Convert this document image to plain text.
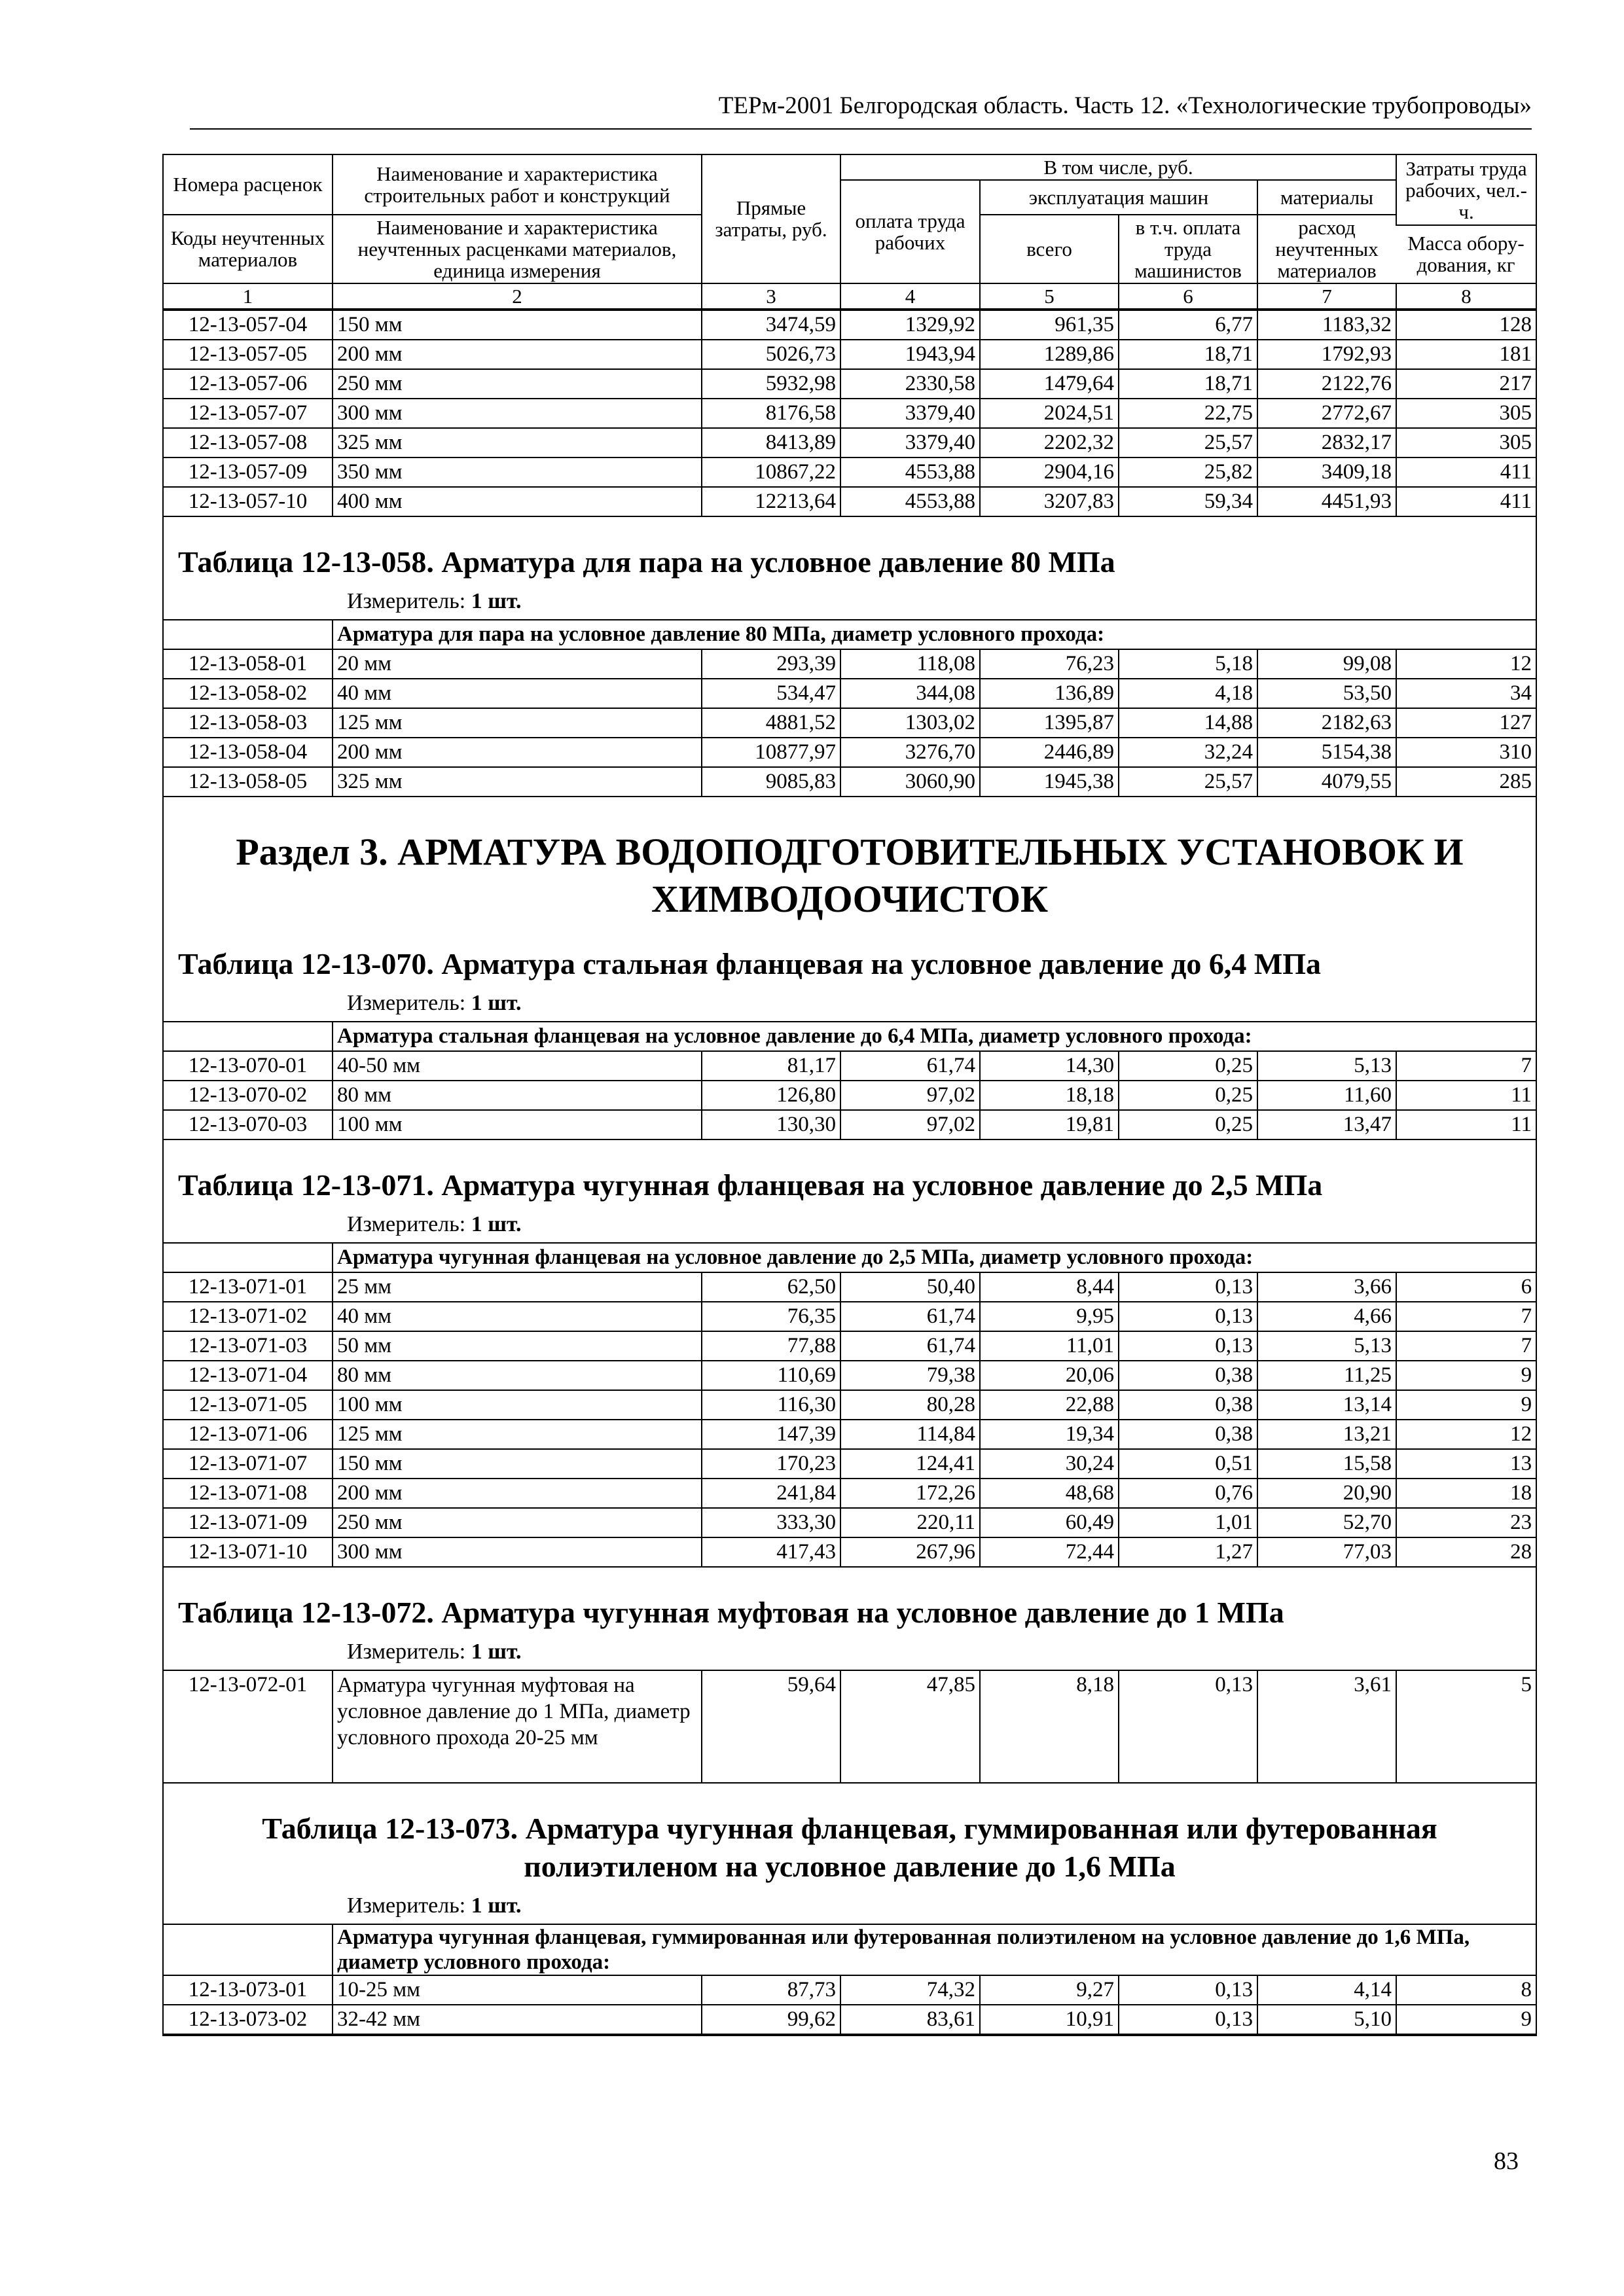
ТЕРм-2001 Белгородская область. Часть 12. «Технологические трубопроводы»
Номера расценок	Наименование и характеристика строительных работ и конструкций	Прямые затраты, руб.	В том числе, руб.				Затраты труда рабочих, чел.-ч.
			оплата труда рабочих	эксплуатация машин		материалы	
Коды неучтенных материалов	Наименование и характеристика неучтенных расценками материалов, единица измерения			всего	в т.ч. оплата труда машинистов	расход неучтенных материалов	
							Масса обору- дования, кг
1	2	3	4	5	6	7	8
12-13-057-04	150 мм	3474,59	1329,92	961,35	6,77	1183,32	128
12-13-057-05	200 мм	5026,73	1943,94	1289,86	18,71	1792,93	181
12-13-057-06	250 мм	5932,98	2330,58	1479,64	18,71	2122,76	217
12-13-057-07	300 мм	8176,58	3379,40	2024,51	22,75	2772,67	305
12-13-057-08	325 мм	8413,89	3379,40	2202,32	25,57	2832,17	305
12-13-057-09	350 мм	10867,22	4553,88	2904,16	25,82	3409,18	411
12-13-057-10	400 мм	12213,64	4553,88	3207,83	59,34	4451,93	411
Таблица 12-13-058. Арматура для пара на условное давление 80 МПа
Измеритель: 1 шт.
	Арматура для пара на условное давление 80 МПа, диаметр условного прохода:						
12-13-058-01	20 мм	293,39	118,08	76,23	5,18	99,08	12
12-13-058-02	40 мм	534,47	344,08	136,89	4,18	53,50	34
12-13-058-03	125 мм	4881,52	1303,02	1395,87	14,88	2182,63	127
12-13-058-04	200 мм	10877,97	3276,70	2446,89	32,24	5154,38	310
12-13-058-05	325 мм	9085,83	3060,90	1945,38	25,57	4079,55	285
Раздел 3. АРМАТУРА ВОДОПОДГОТОВИТЕЛЬНЫХ УСТАНОВОК И ХИМВОДООЧИСТОК
Таблица 12-13-070. Арматура стальная фланцевая на условное давление до 6,4 МПа
Измеритель: 1 шт.
	Арматура стальная фланцевая на условное давление до 6,4 МПа, диаметр условного прохода:						
12-13-070-01	40-50 мм	81,17	61,74	14,30	0,25	5,13	7
12-13-070-02	80 мм	126,80	97,02	18,18	0,25	11,60	11
12-13-070-03	100 мм	130,30	97,02	19,81	0,25	13,47	11
Таблица 12-13-071. Арматура чугунная фланцевая на условное давление до 2,5 МПа
Измеритель: 1 шт.
	Арматура чугунная фланцевая на условное давление до 2,5 МПа, диаметр условного прохода:						
12-13-071-01	25 мм	62,50	50,40	8,44	0,13	3,66	6
12-13-071-02	40 мм	76,35	61,74	9,95	0,13	4,66	7
12-13-071-03	50 мм	77,88	61,74	11,01	0,13	5,13	7
12-13-071-04	80 мм	110,69	79,38	20,06	0,38	11,25	9
12-13-071-05	100 мм	116,30	80,28	22,88	0,38	13,14	9
12-13-071-06	125 мм	147,39	114,84	19,34	0,38	13,21	12
12-13-071-07	150 мм	170,23	124,41	30,24	0,51	15,58	13
12-13-071-08	200 мм	241,84	172,26	48,68	0,76	20,90	18
12-13-071-09	250 мм	333,30	220,11	60,49	1,01	52,70	23
12-13-071-10	300 мм	417,43	267,96	72,44	1,27	77,03	28
Таблица 12-13-072. Арматура чугунная муфтовая на условное давление до 1 МПа
Измеритель: 1 шт.
12-13-072-01	Арматура чугунная муфтовая на условное давление до 1 МПа, диаметр условного прохода 20-25 мм	59,64	47,85	8,18	0,13	3,61	5
Таблица 12-13-073. Арматура чугунная фланцевая, гуммированная или футерованная
полиэтиленом на условное давление до 1,6 МПа
Измеритель: 1 шт.
	Арматура чугунная фланцевая, гуммированная или футерованная полиэтиленом на условное давление до 1,6 МПа, диаметр условного прохода:						
12-13-073-01	10-25 мм	87,73	74,32	9,27	0,13	4,14	8
12-13-073-02	32-42 мм	99,62	83,61	10,91	0,13	5,10	9
83
